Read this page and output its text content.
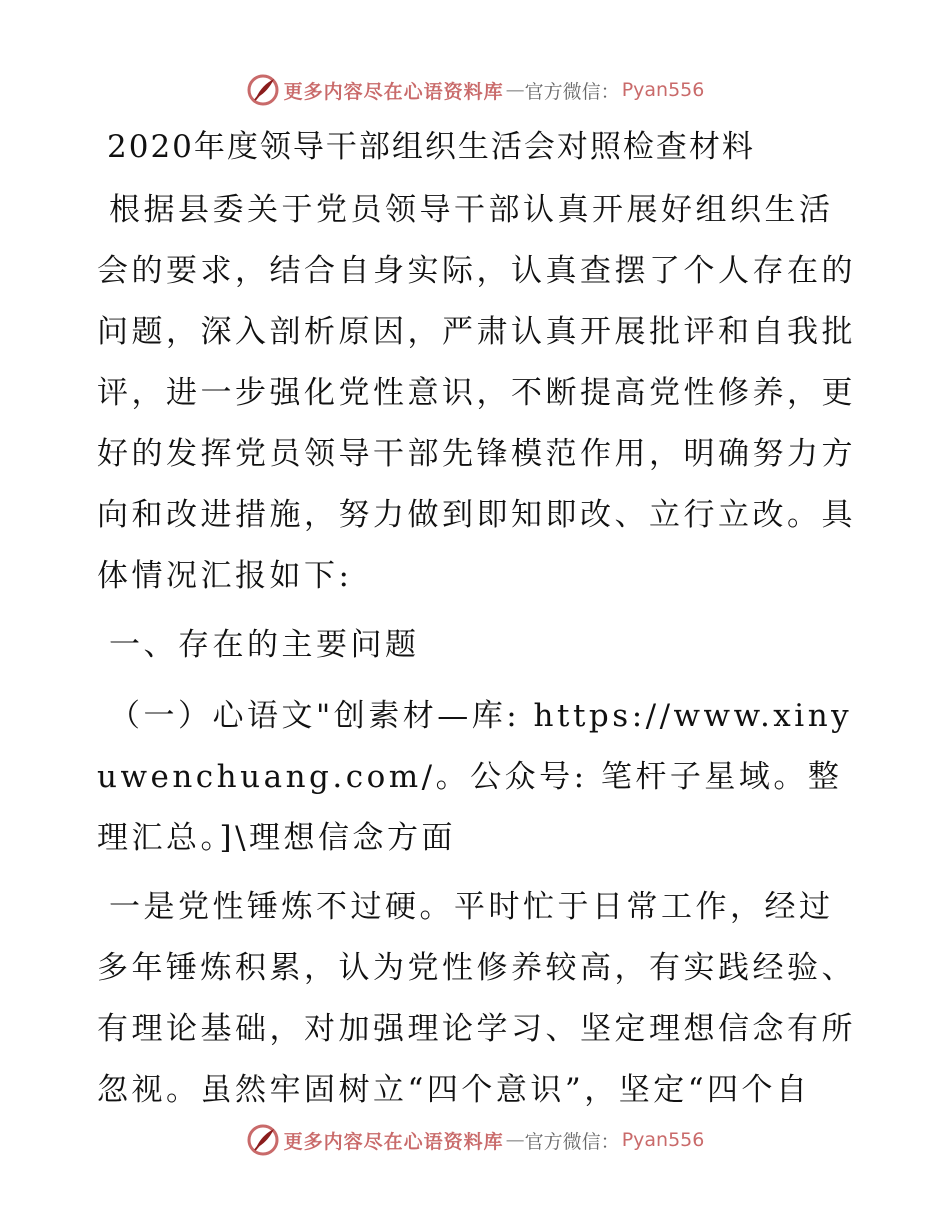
更多内容尽在心语资料库 — 官方微信： Pyan556
2020年度领导干部组织生活会对照检查材料

根据县委关于党员领导干部认真开展好组织生活会的要求，结合自身实际，认真查摆了个人存在的问题，深入剖析原因，严肃认真开展批评和自我批评，进一步强化党性意识，不断提高党性修养，更好的发挥党员领导干部先锋模范作用，明确努力方向和改进措施，努力做到即知即改、立行立改。具体情况汇报如下:

一、存在的主要问题

（一）心语文"创素材—库: https://www.xinyuwenchuang.com/。公众号: 笔杆子星域。整理汇总。]\理想信念方面

一是党性锤炼不过硬。平时忙于日常工作，经过多年锤炼积累，认为党性修养较高，有实践经验、有理论基础，对加强理论学习、坚定理想信念有所忽视。虽然牢固树立“四个意识”，坚定“四个自

更多内容尽在心语资料库 — 官方微信： Pyan556
